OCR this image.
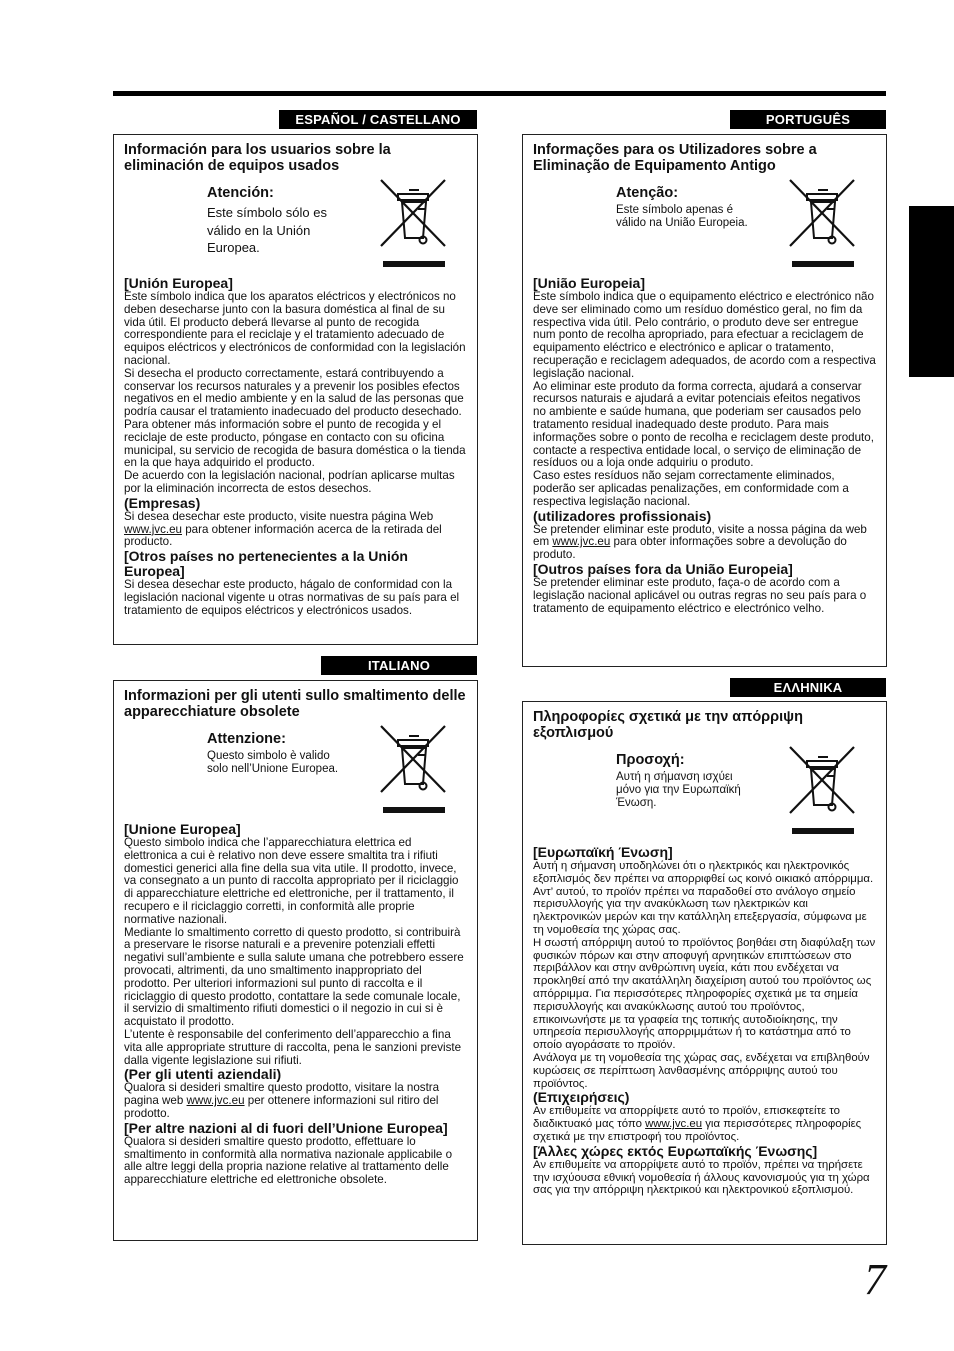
ESPAÑOL / CASTELLANO
Información para los usuarios sobre la eliminación de equipos usados
Atención:
Este símbolo sólo es válido en la Unión Europea.
[Unión Europea]

Este símbolo indica que los aparatos eléctricos y electrónicos no deben desecharse junto con la basura doméstica al final de su vida útil. El producto deberá llevarse al punto de recogida correspondiente para el reciclaje y el tratamiento adecuado de equipos eléctricos y electrónicos de conformidad con la legislación nacional.

Si desecha el producto correctamente, estará contribuyendo a conservar los recursos naturales y a prevenir los posibles efectos negativos en el medio ambiente y en la salud de las personas que podría causar el tratamiento inadecuado del producto desechado. Para obtener más información sobre el punto de recogida y el reciclaje de este producto, póngase en contacto con su oficina municipal, su servicio de recogida de basura doméstica o la tienda en la que haya adquirido el producto.

De acuerdo con la legislación nacional, podrían aplicarse multas por la eliminación incorrecta de estos desechos.

(Empresas)

Si desea desechar este producto, visite nuestra página Web www.jvc.eu para obtener información acerca de la retirada del producto.

[Otros países no pertenecientes a la Unión Europea]

Si desea desechar este producto, hágalo de conformidad con la legislación nacional vigente u otras normativas de su país para el tratamiento de equipos eléctricos y electrónicos usados.

ITALIANO
Informazioni per gli utenti sullo smaltimento delle apparecchiature obsolete
Attenzione:
Questo simbolo è valido solo nell’Unione Europea.
[Unione Europea]

Questo simbolo indica che l’apparecchiatura elettrica ed elettronica a cui è relativo non deve essere smaltita tra i rifiuti domestici generici alla fine della sua vita utile. Il prodotto, invece, va consegnato a un punto di raccolta appropriato per il riciclaggio di apparecchiature elettriche ed elettroniche, per il trattamento, il recupero e il riciclaggio corretti, in conformità alle proprie normative nazionali.

Mediante lo smaltimento corretto di questo prodotto, si contribuirà a preservare le risorse naturali e a prevenire potenziali effetti negativi sull’ambiente e sulla salute umana che potrebbero essere provocati, altrimenti, da uno smaltimento inappropriato del prodotto. Per ulteriori informazioni sul punto di raccolta e il riciclaggio di questo prodotto, contattare la sede comunale locale, il servizio di smaltimento rifiuti domestici o il negozio in cui si è acquistato il prodotto.

L’utente è responsabile del conferimento dell’apparecchio a fina vita alle appropriate strutture di raccolta, pena le sanzioni previste dalla vigente legislazione sui rifiuti.

(Per gli utenti aziendali)

Qualora si desideri smaltire questo prodotto, visitare la nostra pagina web www.jvc.eu per ottenere informazioni sul ritiro del prodotto.

[Per altre nazioni al di fuori dell’Unione Europea]

Qualora si desideri smaltire questo prodotto, effettuare lo smaltimento in conformità alla normativa nazionale applicabile o alle altre leggi della propria nazione relative al trattamento delle apparecchiature elettriche ed elettroniche obsolete.

PORTUGUÊS
Informações para os Utilizadores sobre a Eliminação de Equipamento Antigo
Atenção:
Este símbolo apenas é válido na União Europeia.
[União Europeia]

Este símbolo indica que o equipamento eléctrico e electrónico não deve ser eliminado como um resíduo doméstico geral, no fim da respectiva vida útil. Pelo contrário, o produto deve ser entregue num ponto de recolha apropriado, para efectuar a reciclagem de equipamento eléctrico e electrónico e aplicar o tratamento, recuperação e reciclagem adequados, de acordo com a respectiva legislação nacional.

Ao eliminar este produto da forma correcta, ajudará a conservar recursos naturais e ajudará a evitar potenciais efeitos negativos no ambiente e saúde humana, que poderiam ser causados pelo tratamento residual inadequado deste produto. Para mais informações sobre o ponto de recolha e reciclagem deste produto, contacte a respectiva entidade local, o serviço de eliminação de resíduos ou a loja onde adquiriu o produto.

Caso estes resíduos não sejam correctamente eliminados, poderão ser aplicadas penalizações, em conformidade com a respectiva legislação nacional.

(utilizadores profissionais)

Se pretender eliminar este produto, visite a nossa página da web em www.jvc.eu para obter informações sobre a devolução do produto.

[Outros países fora da União Europeia]

Se pretender eliminar este produto, faça-o de acordo com a legislação nacional aplicável ou outras regras no seu país para o tratamento de equipamento eléctrico e electrónico velho.

ΕΛΛΗΝΙΚΑ
Πληροφορίες σχετικά με την απόρριψη εξοπλισμού
Προσοχή:
Αυτή η σήμανση ισχύει μόνο για την Ευρωπαϊκή Ένωση.
[Ευρωπαϊκή Ένωση]

Αυτή η σήμανση υποδηλώνει ότι ο ηλεκτρικός και ηλεκτρονικός εξοπλισμός δεν πρέπει να απορριφθεί ως κοινό οικιακό απόρριμμα. Αντ’ αυτού, το προϊόν πρέπει να παραδοθεί στο ανάλογο σημείο περισυλλογής για την ανακύκλωση των ηλεκτρικών και ηλεκτρονικών μερών και την κατάλληλη επεξεργασία, σύμφωνα με τη νομοθεσία της χώρας σας.

Η σωστή απόρριψη αυτού το προϊόντος βοηθάει στη διαφύλαξη των φυσικών πόρων και στην αποφυγή αρνητικών επιπτώσεων στο περιβάλλον και στην ανθρώπινη υγεία, κάτι που ενδέχεται να προκληθεί από την ακατάλληλη διαχείριση αυτού του προϊόντος ως απόρριμμα. Για περισσότερες πληροφορίες σχετικά με τα σημεία περισυλλογής και ανακύκλωσης αυτού του προϊόντος, επικοινωνήστε με τα γραφεία της τοπικής αυτοδιοίκησης, την υπηρεσία περισυλλογής απορριμμάτων ή το κατάστημα από το οποίο αγοράσατε το προϊόν.

Ανάλογα με τη νομοθεσία της χώρας σας, ενδέχεται να επιβληθούν κυρώσεις σε περίπτωση λανθασμένης απόρριψης αυτού του προϊόντος.

(Επιχειρήσεις)

Αν επιθυμείτε να απορρίψετε αυτό το προϊόν, επισκεφτείτε το διαδικτυακό μας τόπο www.jvc.eu για περισσότερες πληροφορίες σχετικά με την επιστροφή του προϊόντος.

[Άλλες χώρες εκτός Ευρωπαϊκής Ένωσης]

Αν επιθυμείτε να απορρίψετε αυτό το προϊόν, πρέπει να τηρήσετε την ισχύουσα εθνική νομοθεσία ή άλλους κανονισμούς για τη χώρα σας για την απόρριψη ηλεκτρικού και ηλεκτρονικού εξοπλισμού.

7
